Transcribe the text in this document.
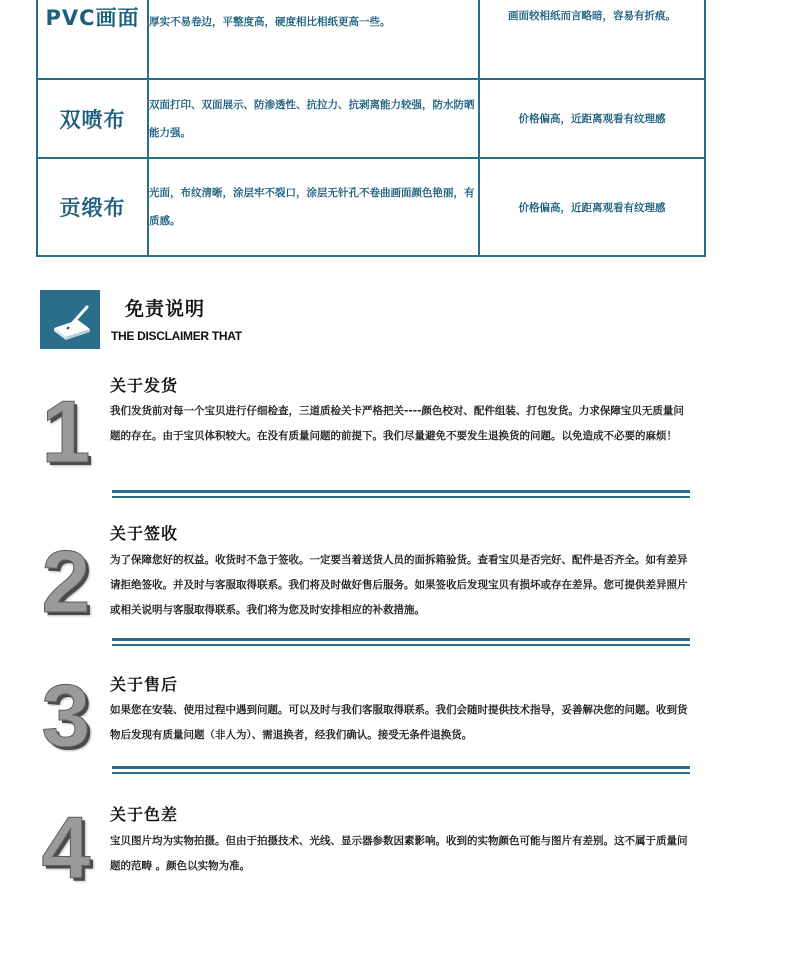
PVC画面	厚实不易卷边，平整度高，硬度相比相纸更高一些。	画面较相纸而言略暗，容易有折痕。
双喷布	双面打印、双面展示、防渗透性、抗拉力、抗剥离能力较强，防水防晒能力强。	价格偏高，近距离观看有纹理感
贡缎布	光面，布纹清晰，涂层牢不裂口，涂层无针孔不卷曲画面颜色艳丽，有质感。	价格偏高，近距离观看有纹理感
免责说明
THE DISCLAIMER THAT
1	关于发货
我们发货前对每一个宝贝进行仔细检查，三道质检关卡严格把关----颜色校对、配件组装、打包发货。力求保障宝贝无质量问题的存在。由于宝贝体积较大。在没有质量问题的前提下。我们尽量避免不要发生退换货的问题。以免造成不必要的麻烦！
2	关于签收
为了保障您好的权益。收货时不急于签收。一定要当着送货人员的面拆箱验货。查看宝贝是否完好、配件是否齐全。如有差异请拒绝签收。并及时与客服取得联系。我们将及时做好售后服务。如果签收后发现宝贝有损坏或存在差异。您可提供差异照片或相关说明与客服取得联系。我们将为您及时安排相应的补救措施。
3	关于售后
如果您在安装、使用过程中遇到问题。可以及时与我们客服取得联系。我们会随时提供技术指导，妥善解决您的问题。收到货物后发现有质量问题（非人为）、需退换者，经我们确认。接受无条件退换货。
4	关于色差
宝贝图片均为实物拍摄。但由于拍摄技术、光线、显示器参数因素影响。收到的实物颜色可能与图片有差别。这不属于质量问题的范畴 。颜色以实物为准。
